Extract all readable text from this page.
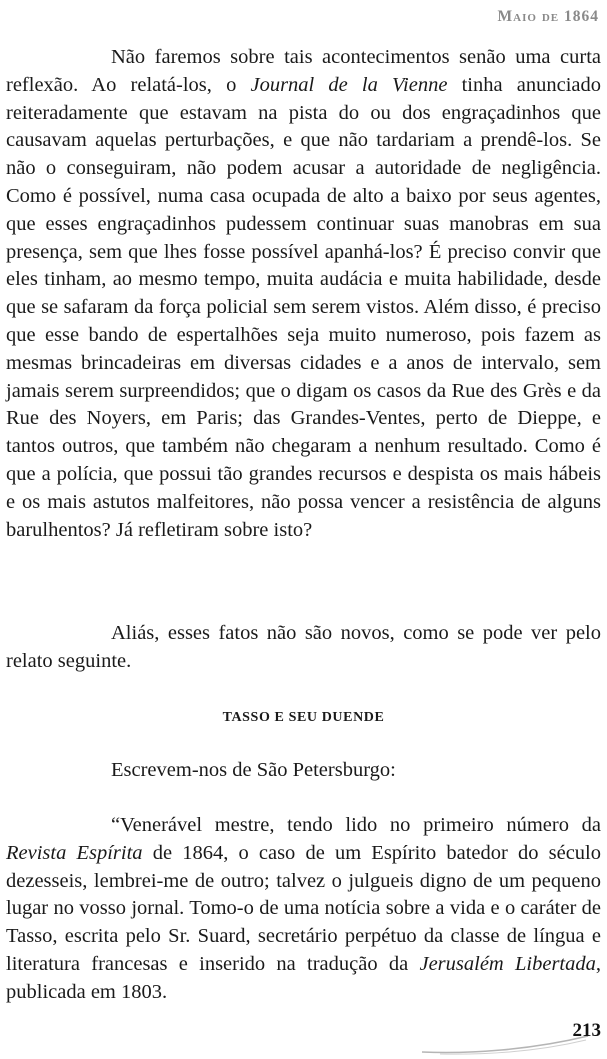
Maio de 1864

Não faremos sobre tais acontecimentos senão uma curta reflexão. Ao relatá-los, o Journal de la Vienne tinha anunciado reiteradamente que estavam na pista do ou dos engraçadinhos que causavam aquelas perturbações, e que não tardariam a prendê-los. Se não o conseguiram, não podem acusar a autoridade de negligência. Como é possível, numa casa ocupada de alto a baixo por seus agentes, que esses engraçadinhos pudessem continuar suas manobras em sua presença, sem que lhes fosse possível apanhá-los? É preciso convir que eles tinham, ao mesmo tempo, muita audácia e muita habilidade, desde que se safaram da força policial sem serem vistos. Além disso, é preciso que esse bando de espertalhões seja muito numeroso, pois fazem as mesmas brincadeiras em diversas cidades e a anos de intervalo, sem jamais serem surpreendidos; que o digam os casos da Rue des Grès e da Rue des Noyers, em Paris; das Grandes-Ventes, perto de Dieppe, e tantos outros, que também não chegaram a nenhum resultado. Como é que a polícia, que possui tão grandes recursos e despista os mais hábeis e os mais astutos malfeitores, não possa vencer a resistência de alguns barulhentos? Já refletiram sobre isto?

Aliás, esses fatos não são novos, como se pode ver pelo relato seguinte.

TASSO E SEU DUENDE

Escrevem-nos de São Petersburgo:

“Venerável mestre, tendo lido no primeiro número da Revista Espírita de 1864, o caso de um Espírito batedor do século dezesseis, lembrei-me de outro; talvez o julgueis digno de um pequeno lugar no vosso jornal. Tomo-o de uma notícia sobre a vida e o caráter de Tasso, escrita pelo Sr. Suard, secretário perpétuo da classe de língua e literatura francesas e inserido na tradução da Jerusalém Libertada, publicada em 1803.

213
